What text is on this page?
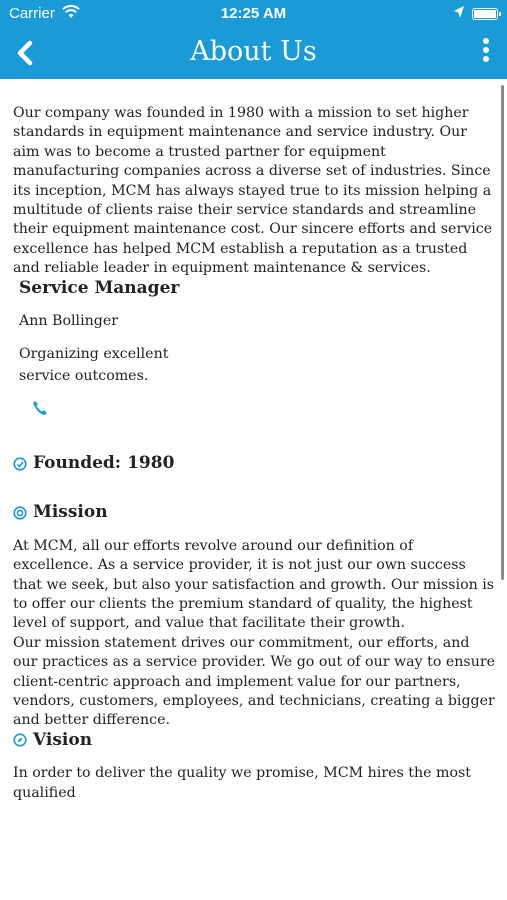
Carrier	12:25 AM
About Us

Our company was founded in 1980 with a mission to set higher standards in equipment maintenance and service industry. Our aim was to become a trusted partner for equipment manufacturing companies across a diverse set of industries. Since its inception, MCM has always stayed true to its mission helping a multitude of clients raise their service standards and streamline their equipment maintenance cost. Our sincere efforts and service excellence has helped MCM establish a reputation as a trusted and reliable leader in equipment maintenance & services.

Service Manager
Ann Bollinger
Organizing excellent service outcomes.
Founded: 1980
Mission

At MCM, all our efforts revolve around our definition of excellence. As a service provider, it is not just our own success that we seek, but also your satisfaction and growth. Our mission is to offer our clients the premium standard of quality, the highest level of support, and value that facilitate their growth.

Our mission statement drives our commitment, our efforts, and our practices as a service provider. We go out of our way to ensure client-centric approach and implement value for our partners, vendors, customers, employees, and technicians, creating a bigger and better difference.

Vision

In order to deliver the quality we promise, MCM hires the most qualified
